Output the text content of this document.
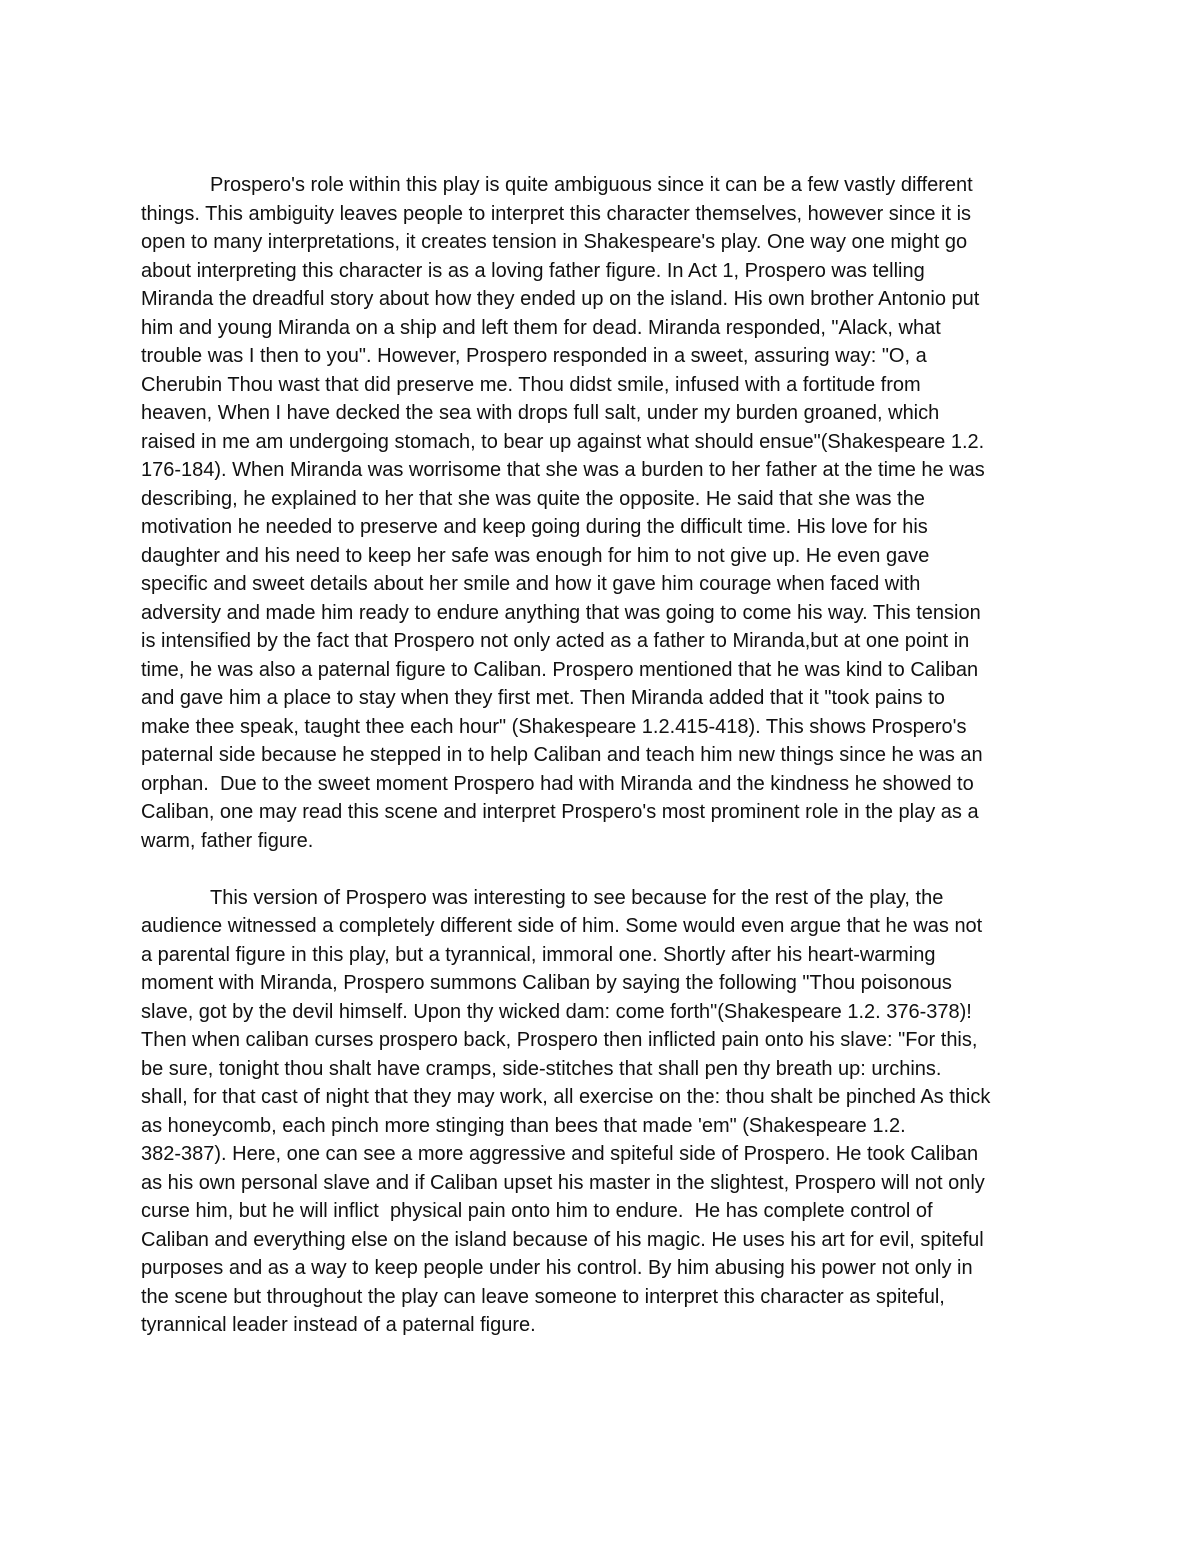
Prospero's role within this play is quite ambiguous since it can be a few vastly different
things. This ambiguity leaves people to interpret this character themselves, however since it is
open to many interpretations, it creates tension in Shakespeare's play. One way one might go
about interpreting this character is as a loving father figure. In Act 1, Prospero was telling
Miranda the dreadful story about how they ended up on the island. His own brother Antonio put
him and young Miranda on a ship and left them for dead. Miranda responded, "Alack, what
trouble was I then to you". However, Prospero responded in a sweet, assuring way: "O, a
Cherubin Thou wast that did preserve me. Thou didst smile, infused with a fortitude from
heaven, When I have decked the sea with drops full salt, under my burden groaned, which
raised in me am undergoing stomach, to bear up against what should ensue"(Shakespeare 1.2.
176-184). When Miranda was worrisome that she was a burden to her father at the time he was
describing, he explained to her that she was quite the opposite. He said that she was the
motivation he needed to preserve and keep going during the difficult time. His love for his
daughter and his need to keep her safe was enough for him to not give up. He even gave
specific and sweet details about her smile and how it gave him courage when faced with
adversity and made him ready to endure anything that was going to come his way. This tension
is intensified by the fact that Prospero not only acted as a father to Miranda,but at one point in
time, he was also a paternal figure to Caliban. Prospero mentioned that he was kind to Caliban
and gave him a place to stay when they first met. Then Miranda added that it "took pains to
make thee speak, taught thee each hour" (Shakespeare 1.2.415-418). This shows Prospero's
paternal side because he stepped in to help Caliban and teach him new things since he was an
orphan.  Due to the sweet moment Prospero had with Miranda and the kindness he showed to
Caliban, one may read this scene and interpret Prospero's most prominent role in the play as a
warm, father figure.
This version of Prospero was interesting to see because for the rest of the play, the
audience witnessed a completely different side of him. Some would even argue that he was not
a parental figure in this play, but a tyrannical, immoral one. Shortly after his heart-warming
moment with Miranda, Prospero summons Caliban by saying the following "Thou poisonous
slave, got by the devil himself. Upon thy wicked dam: come forth"(Shakespeare 1.2. 376-378)!
Then when caliban curses prospero back, Prospero then inflicted pain onto his slave: "For this,
be sure, tonight thou shalt have cramps, side-stitches that shall pen thy breath up: urchins.
shall, for that cast of night that they may work, all exercise on the: thou shalt be pinched As thick
as honeycomb, each pinch more stinging than bees that made 'em" (Shakespeare 1.2.
382-387). Here, one can see a more aggressive and spiteful side of Prospero. He took Caliban
as his own personal slave and if Caliban upset his master in the slightest, Prospero will not only
curse him, but he will inflict  physical pain onto him to endure.  He has complete control of
Caliban and everything else on the island because of his magic. He uses his art for evil, spiteful
purposes and as a way to keep people under his control. By him abusing his power not only in
the scene but throughout the play can leave someone to interpret this character as spiteful,
tyrannical leader instead of a paternal figure.
